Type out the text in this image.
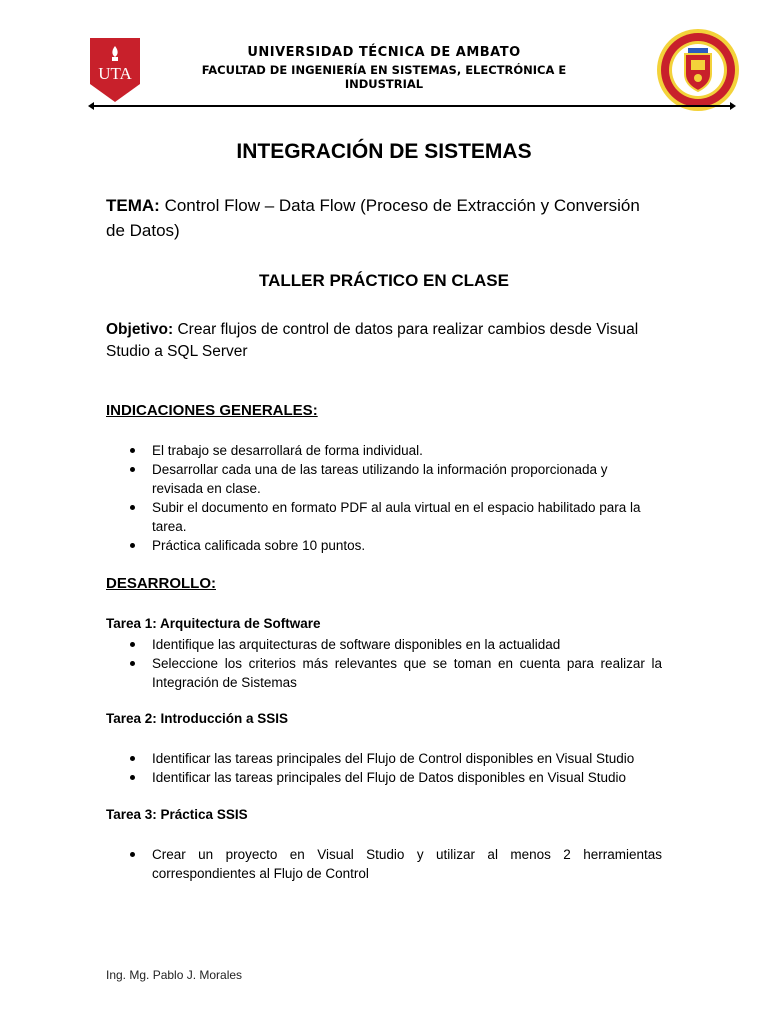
UTA
UNIVERSIDAD TÉCNICA DE AMBATO
FACULTAD DE INGENIERÍA EN SISTEMAS, ELECTRÓNICA E
INDUSTRIAL
INTEGRACIÓN DE SISTEMAS
TEMA: Control Flow – Data Flow (Proceso de Extracción y Conversión de Datos)
TALLER PRÁCTICO EN CLASE
Objetivo: Crear flujos de control de datos para realizar cambios desde Visual Studio a SQL Server
INDICACIONES GENERALES:
El trabajo se desarrollará de forma individual.
Desarrollar cada una de las tareas utilizando la información proporcionada y revisada en clase.
Subir el documento en formato PDF al aula virtual en el espacio habilitado para la tarea.
Práctica calificada sobre 10 puntos.
DESARROLLO:
Tarea 1: Arquitectura de Software
Identifique las arquitecturas de software disponibles en la actualidad
Seleccione los criterios más relevantes que se toman en cuenta para realizar la Integración de Sistemas
Tarea 2: Introducción a SSIS
Identificar las tareas principales del Flujo de Control disponibles en Visual Studio
Identificar las tareas principales del Flujo de Datos disponibles en Visual Studio
Tarea 3: Práctica SSIS
Crear un proyecto en Visual Studio y utilizar al menos 2 herramientas correspondientes al Flujo de Control
Ing. Mg. Pablo J. Morales
